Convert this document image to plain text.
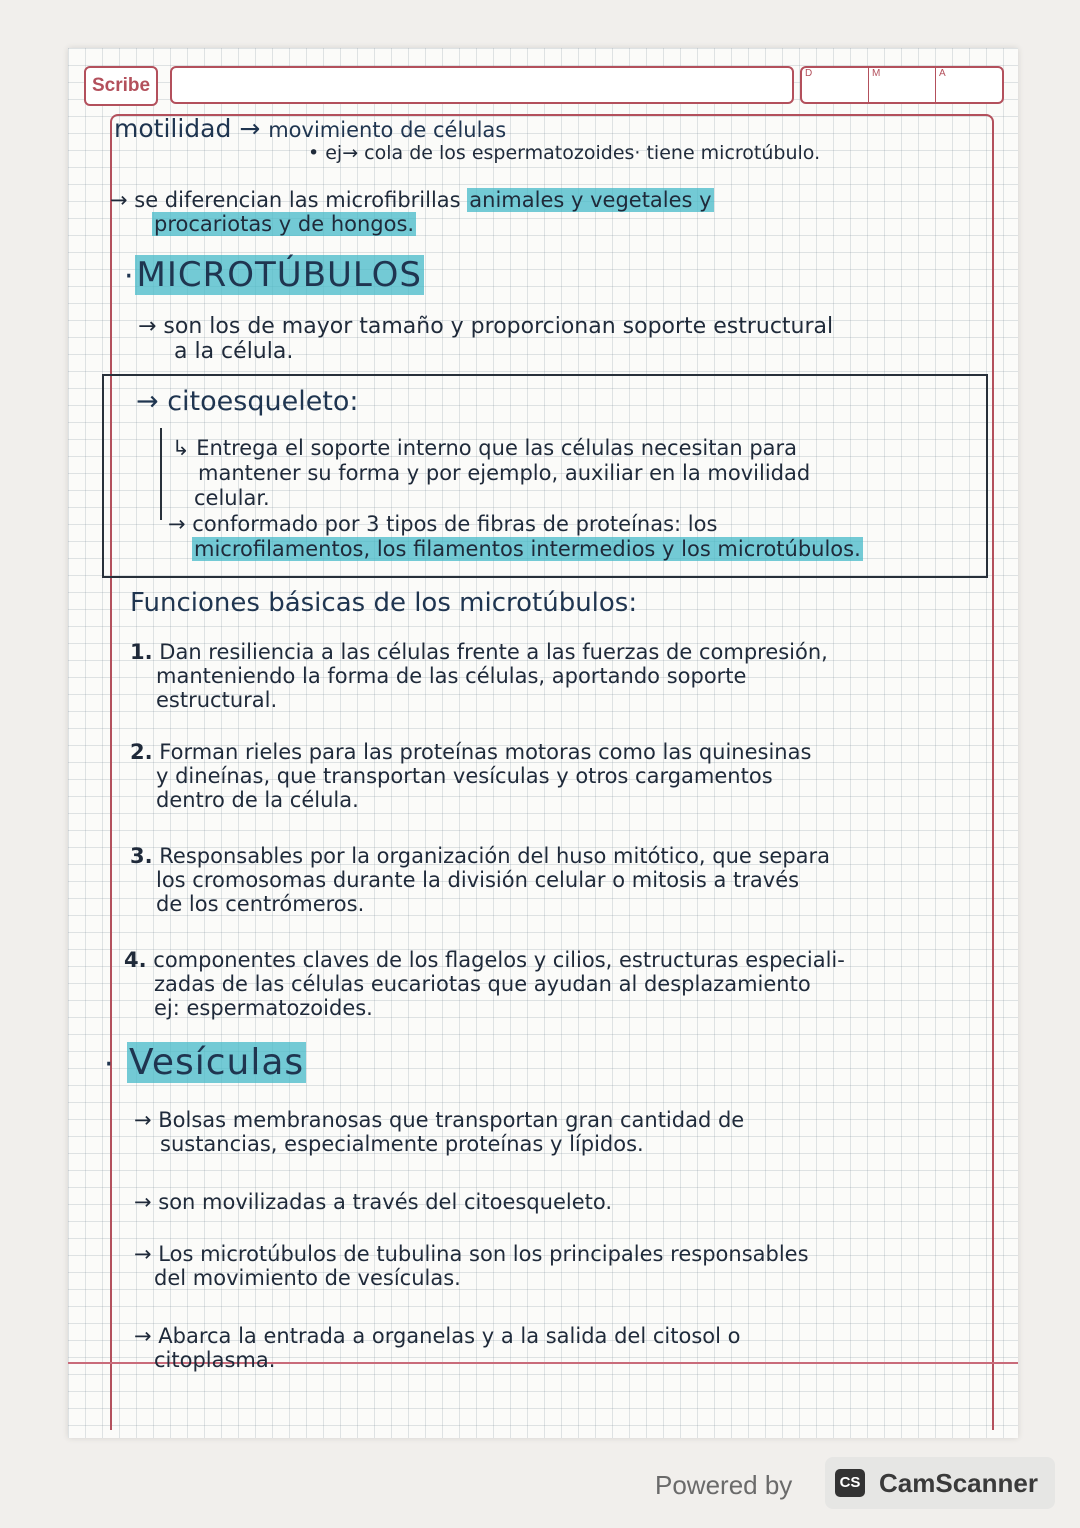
Scribe
D	M	A
motilidad → movimiento de células
• ej→ cola de los espermatozoides· tiene microtúbulo.
→ se diferencian las microfibrillas animales y vegetales y
procariotas y de hongos.
·MICROTÚBULOS
→ son los de mayor tamaño y proporcionan soporte estructural
a la célula.
→ citoesqueleto:
↳ Entrega el soporte interno que las células necesitan para
mantener su forma y por ejemplo, auxiliar en la movilidad
celular.
→ conformado por 3 tipos de fibras de proteínas: los
microfilamentos, los filamentos intermedios y los microtúbulos.
Funciones básicas de los microtúbulos:
1. Dan resiliencia a las células frente a las fuerzas de compresión,
manteniendo la forma de las células, aportando soporte
estructural.
2. Forman rieles para las proteínas motoras como las quinesinas
y dineínas, que transportan vesículas y otros cargamentos
dentro de la célula.
3. Responsables por la organización del huso mitótico, que separa
los cromosomas durante la división celular o mitosis a través
de los centrómeros.
4. componentes claves de los flagelos y cilios, estructuras especiali-
zadas de las células eucariotas que ayudan al desplazamiento
ej: espermatozoides.
· Vesículas
→ Bolsas membranosas que transportan gran cantidad de
sustancias, especialmente proteínas y lípidos.
→ son movilizadas a través del citoesqueleto.
→ Los microtúbulos de tubulina son los principales responsables
del movimiento de vesículas.
→ Abarca la entrada a organelas y a la salida del citosol o
citoplasma.
Powered by	CS CamScanner
